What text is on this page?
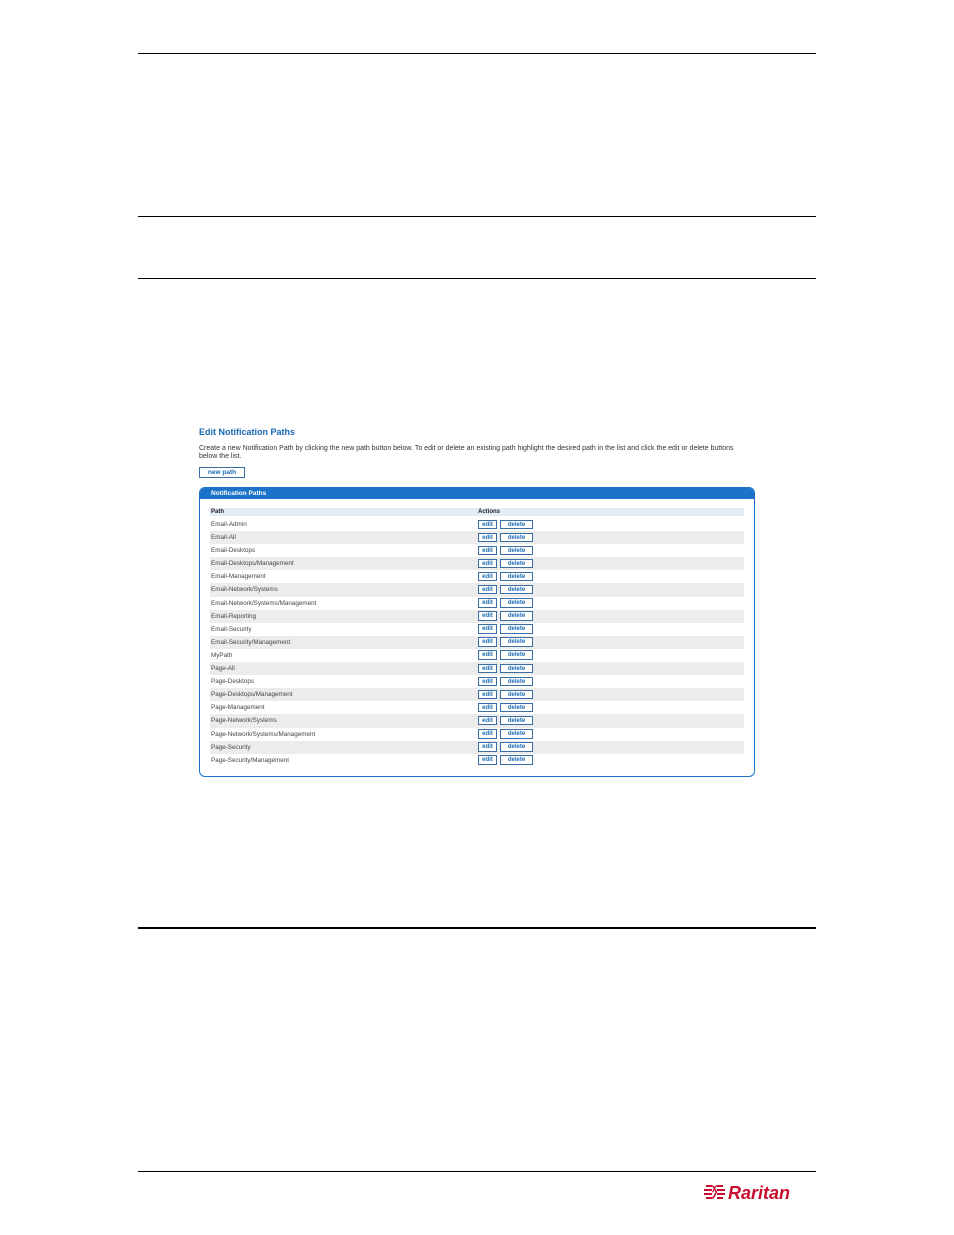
Edit Notification Paths
Create a new Notification Path by clicking the new path button below. To edit or delete an existing path highlight the desired path in the list and click the edit or delete buttons below the list.
new path
Notification Paths
Path	Actions
Email-Admin	edit	delete
Email-All	edit	delete
Email-Desktops	edit	delete
Email-Desktops/Management	edit	delete
Email-Management	edit	delete
Email-Network/Systems	edit	delete
Email-Network/Systems/Management	edit	delete
Email-Reporting	edit	delete
Email-Security	edit	delete
Email-Security/Management	edit	delete
MyPath	edit	delete
Page-All	edit	delete
Page-Desktops	edit	delete
Page-Desktops/Management	edit	delete
Page-Management	edit	delete
Page-Network/Systems	edit	delete
Page-Network/Systems/Management	edit	delete
Page-Security	edit	delete
Page-Security/Management	edit	delete
Raritan
